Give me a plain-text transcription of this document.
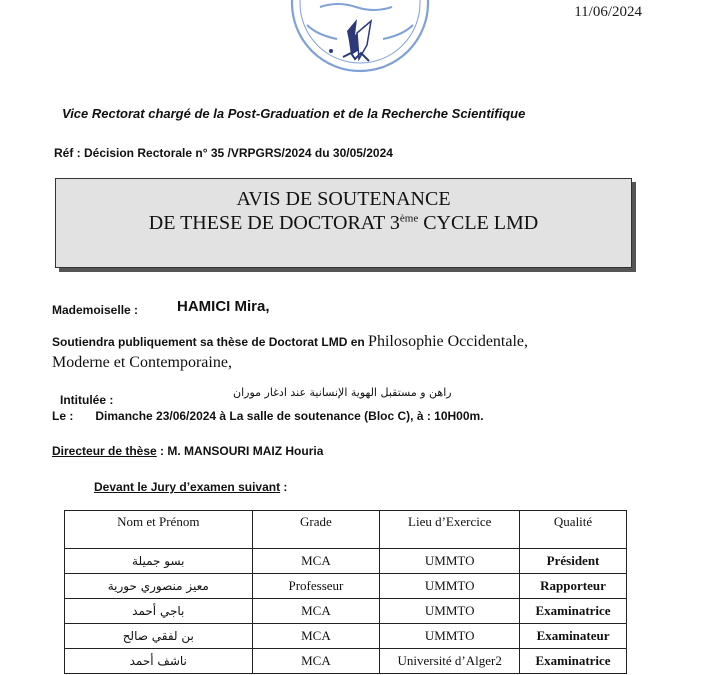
11/06/2024
Vice Rectorat chargé de la Post-Graduation et de la Recherche Scientifique
Réf : Décision Rectorale n° 35 /VRPGRS/2024 du 30/05/2024
AVIS DE SOUTENANCE
DE THESE DE DOCTORAT 3ème CYCLE LMD
Mademoiselle :	HAMICI Mira,
Soutiendra publiquement sa thèse de Doctorat LMD en Philosophie Occidentale,
Moderne et Contemporaine,
Intitulée :
راهن و مستقبل الهوية الإنسانية عند ادغار موران
Le : Dimanche 23/06/2024 à La salle de soutenance (Bloc C), à : 10H00m.
Directeur de thèse : M. MANSOURI MAIZ Houria
Devant le Jury d’examen suivant :
Nom et Prénom	Grade	Lieu d’Exercice	Qualité
بسو جميلة	MCA	UMMTO	Président
معيز منصوري حورية	Professeur	UMMTO	Rapporteur
باجي أحمد	MCA	UMMTO	Examinatrice
بن لفقي صالح	MCA	UMMTO	Examinateur
ناشف أحمد	MCA	Université d’Alger2	Examinatrice
